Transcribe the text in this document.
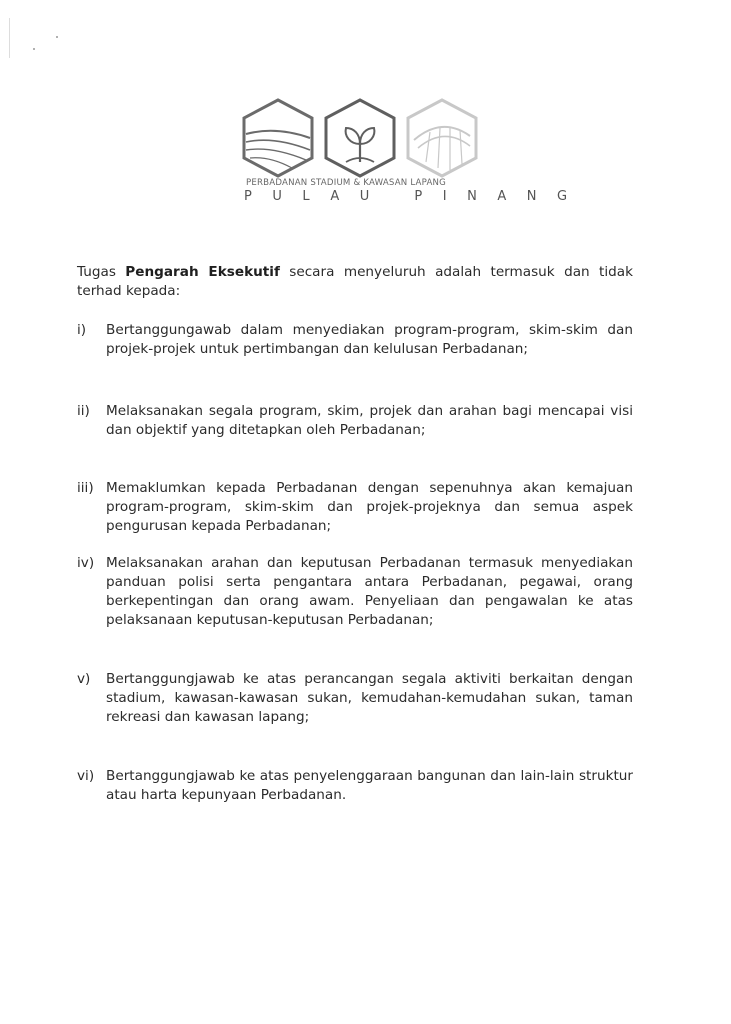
PERBADANAN STADIUM & KAWASAN LAPANG
PULAU PINANG

Tugas Pengarah Eksekutif secara menyeluruh adalah termasuk dan tidak terhad kepada:

i)	Bertanggungawab dalam menyediakan program-program, skim-skim dan projek-projek untuk pertimbangan dan kelulusan Perbadanan;
ii)	Melaksanakan segala program, skim, projek dan arahan bagi mencapai visi dan objektif yang ditetapkan oleh Perbadanan;
iii) Memaklumkan kepada Perbadanan dengan sepenuhnya akan kemajuan program-program, skim-skim dan projek-projeknya dan semua aspek pengurusan kepada Perbadanan;
iv) Melaksanakan arahan dan keputusan Perbadanan termasuk menyediakan panduan polisi serta pengantara antara Perbadanan, pegawai, orang berkepentingan dan orang awam. Penyeliaan dan pengawalan ke atas pelaksanaan keputusan-keputusan Perbadanan;
v)	Bertanggungjawab ke atas perancangan segala aktiviti berkaitan dengan stadium, kawasan-kawasan sukan, kemudahan-kemudahan sukan, taman rekreasi dan kawasan lapang;
vi) Bertanggungjawab ke atas penyelenggaraan bangunan dan lain-lain struktur atau harta kepunyaan Perbadanan.
